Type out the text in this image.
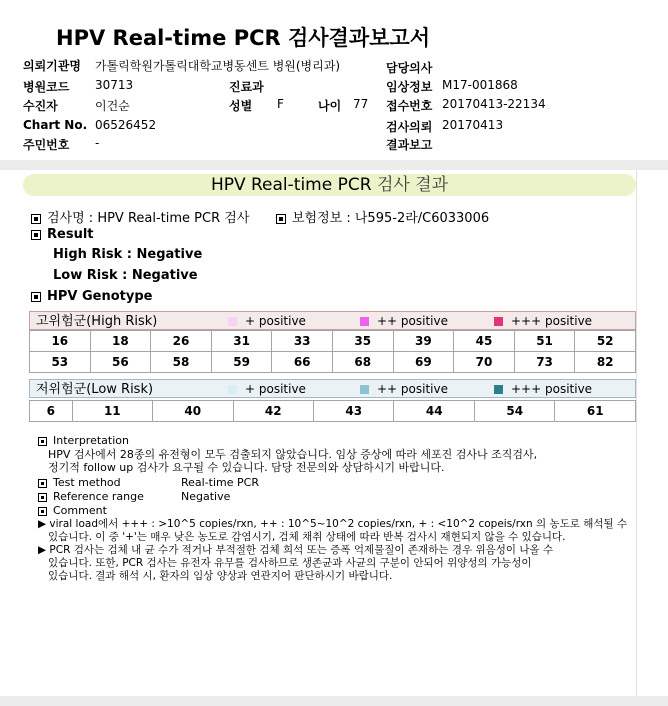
HPV Real-time PCR 검사결과보고서
의뢰기관명 가톨릭학원가톨릭대학교병동센트 병원(병리과)
병원코드 30713
수진자	이건순
Chart No. 06526452
주민번호 -
진료과
성별 F	나이 77
담당의사
임상정보 M17-001868
접수번호 20170413-22134
검사의뢰 20170413
결과보고
HPV Real-time PCR 검사 결과
검사명 : HPV Real-time PCR 검사	보험정보 : 나595-2라/C6033006
Result
High Risk : Negative
Low Risk : Negative
HPV Genotype
고위험군(High Risk)	+ positive	++ positive	+++ positive
16	18	26	31	33	35	39	45	51	52
53	56	58	59	66	68	69	70	73	82
저위험군(Low Risk)	+ positive	++ positive	+++ positive
6	11	40	42	43	44	54	61
Interpretation
HPV 검사에서 28종의 유전형이 모두 검출되지 않았습니다. 임상 증상에 따라 세포진 검사나 조직검사,
정기적 follow up 검사가 요구될 수 있습니다. 담당 전문의와 상담하시기 바랍니다.
Test method	Real-time PCR
Reference range	Negative
Comment
▶ viral load에서 +++ : >10^5 copies/rxn, ++ : 10^5~10^2 copies/rxn, + : <10^2 copeis/rxn 의 농도로 해석될 수
있습니다. 이 중 '+'는 매우 낮은 농도로 감염시기, 검체 채취 상태에 따라 반복 검사시 재현되지 않을 수 있습니다.
▶ PCR 검사는 검체 내 균 수가 적거나 부적절한 검체 희석 또는 증폭 억제물질이 존재하는 경우 위음성이 나올 수
있습니다. 또한, PCR 검사는 유전자 유무를 검사하므로 생존균과 사균의 구분이 안되어 위양성의 가능성이
있습니다. 결과 해석 시, 환자의 임상 양상과 연관지어 판단하시기 바랍니다.
